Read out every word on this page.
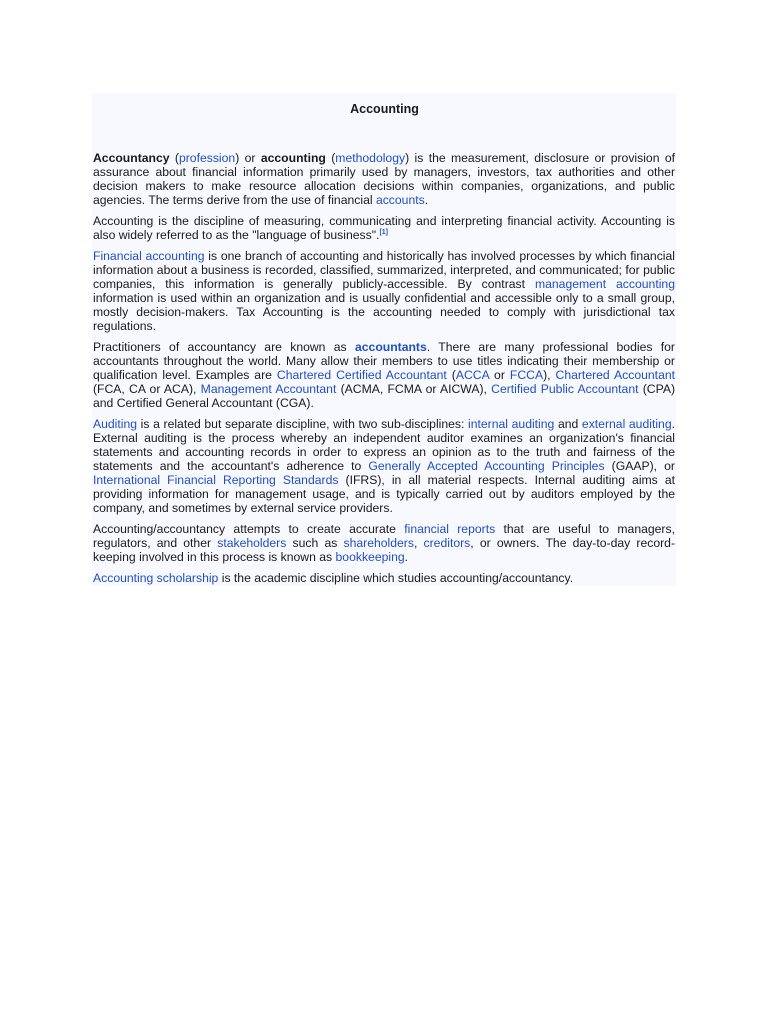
Accounting

Accountancy (profession) or accounting (methodology) is the measurement, disclosure or provision of assurance about financial information primarily used by managers, investors, tax authorities and other decision makers to make resource allocation decisions within companies, organizations, and public agencies. The terms derive from the use of financial accounts.

Accounting is the discipline of measuring, communicating and interpreting financial activity. Accounting is also widely referred to as the "language of business".[1]

Financial accounting is one branch of accounting and historically has involved processes by which financial information about a business is recorded, classified, summarized, interpreted, and communicated; for public companies, this information is generally publicly-accessible. By contrast management accounting information is used within an organization and is usually confidential and accessible only to a small group, mostly decision-makers. Tax Accounting is the accounting needed to comply with jurisdictional tax regulations.

Practitioners of accountancy are known as accountants. There are many professional bodies for accountants throughout the world. Many allow their members to use titles indicating their membership or qualification level. Examples are Chartered Certified Accountant (ACCA or FCCA), Chartered Accountant (FCA, CA or ACA), Management Accountant (ACMA, FCMA or AICWA), Certified Public Accountant (CPA) and Certified General Accountant (CGA).

Auditing is a related but separate discipline, with two sub-disciplines: internal auditing and external auditing. External auditing is the process whereby an independent auditor examines an organization's financial statements and accounting records in order to express an opinion as to the truth and fairness of the statements and the accountant's adherence to Generally Accepted Accounting Principles (GAAP), or International Financial Reporting Standards (IFRS), in all material respects. Internal auditing aims at providing information for management usage, and is typically carried out by auditors employed by the company, and sometimes by external service providers.

Accounting/accountancy attempts to create accurate financial reports that are useful to managers, regulators, and other stakeholders such as shareholders, creditors, or owners. The day-to-day record-keeping involved in this process is known as bookkeeping.

Accounting scholarship is the academic discipline which studies accounting/accountancy.
